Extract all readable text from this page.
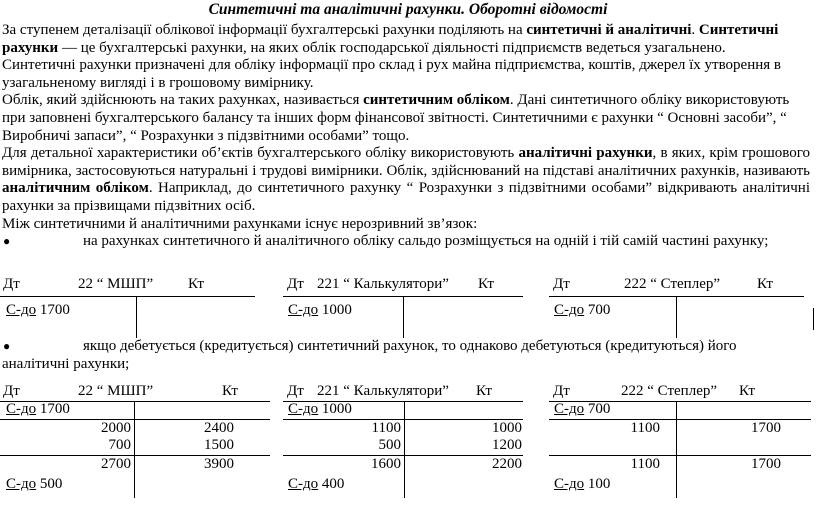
Синтетичні та аналітичні рахунки. Оборотні відомості

За ступенем деталізації облікової інформації бухгалтерські рахунки поділяють на синтетичні й аналітичні. Синтетичні рахунки — це бухгалтерські рахунки, на яких облік господарської діяльності підприємств ведеться узагальнено.

Синтетичні рахунки призначені для обліку інформації про склад і рух майна підприємства, коштів, джерел їх утворення в узагальненому вигляді і в грошовому вимірнику.

Облік, який здійснюють на таких рахунках, називається синтетичним обліком. Дані синтетичного обліку використовують при заповнені бухгалтерського балансу та інших форм фінансової звітності. Синтетичними є рахунки “ Основні засоби”, “ Виробничі запаси”, “ Розрахунки з підзвітними особами” тощо.

Для детальної характеристики об’єктів бухгалтерського обліку використовують аналітичні рахунки, в яких, крім грошового вимірника, застосовуються натуральні і трудові вимірники. Облік, здійснюваний на підставі аналітичних рахунків, називають аналітичним обліком. Наприклад, до синтетичного рахунку “ Розрахунки з підзвітними особами” відкривають аналітичні рахунки за прізвищами підзвітних осіб.

Між синтетичними й аналітичними рахунками існує нерозривний зв’язок:

●	на рахунках синтетичного й аналітичного обліку сальдо розміщується на одній і тій самій частині рахунку;
Дт	22 “ МШП” Кт
С-до 1700
Дт 221 “ Калькулятори” Кт
С-до 1000
Дт	222 “ Степлер” Кт
С-до 700
●	якщо дебетується (кредитується) синтетичний рахунок, то однаково дебетуються (кредитуються) його

аналітичні рахунки;

Дт	22 “ МШП”	Кт
С-до 1700
2000	2400
700	1500
2700	3900
С-до 500
Дт 221 “ Калькулятори” Кт
С-до 1000
1100	1000
500	1200
1600	2200
С-до 400
Дт	222 “ Степлер” Кт
С-до 700
1100	1700
1100	1700
С-до 100
